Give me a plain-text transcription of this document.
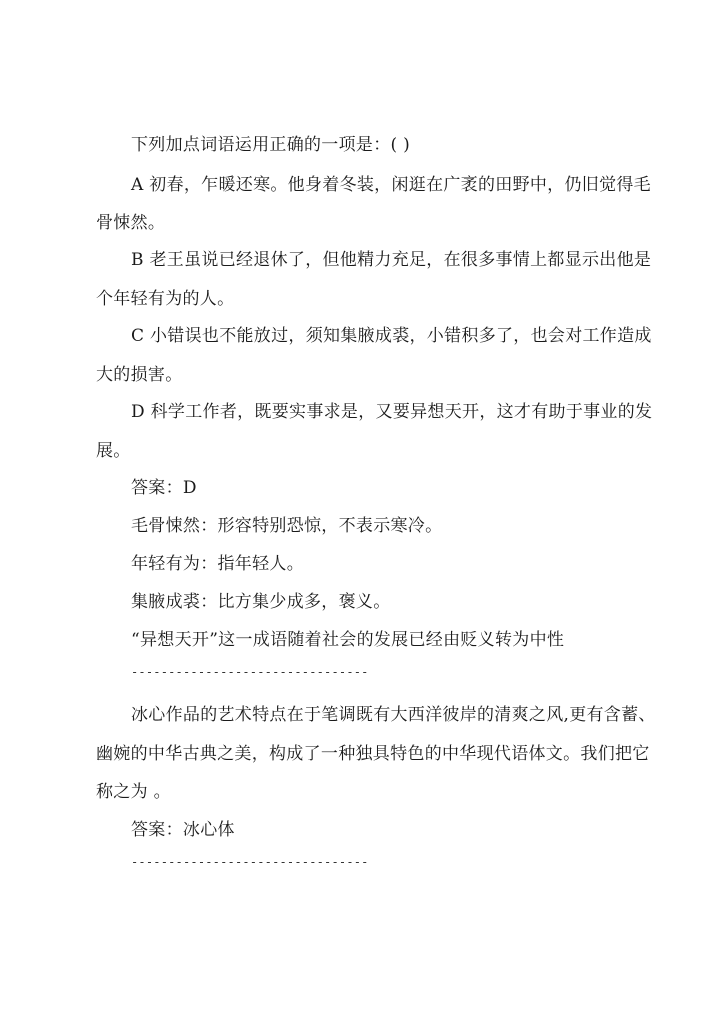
下列加点词语运用正确的一项是：( )
A 初春，乍暖还寒。他身着冬装，闲逛在广袤的田野中，仍旧觉得毛
骨悚然。
B 老王虽说已经退休了，但他精力充足，在很多事情上都显示出他是
个年轻有为的人。
C 小错误也不能放过，须知集腋成裘，小错积多了，也会对工作造成
大的损害。
D 科学工作者，既要实事求是，又要异想天开，这才有助于事业的发
展。
答案：D
毛骨悚然：形容特别恐惊，不表示寒冷。
年轻有为：指年轻人。
集腋成裘：比方集少成多，褒义。
“异想天开”这一成语随着社会的发展已经由贬义转为中性
--------------------------------
冰心作品的艺术特点在于笔调既有大西洋彼岸的清爽之风,更有含蓄、
幽婉的中华古典之美，构成了一种独具特色的中华现代语体文。我们把它
称之为 。
答案：冰心体
--------------------------------
